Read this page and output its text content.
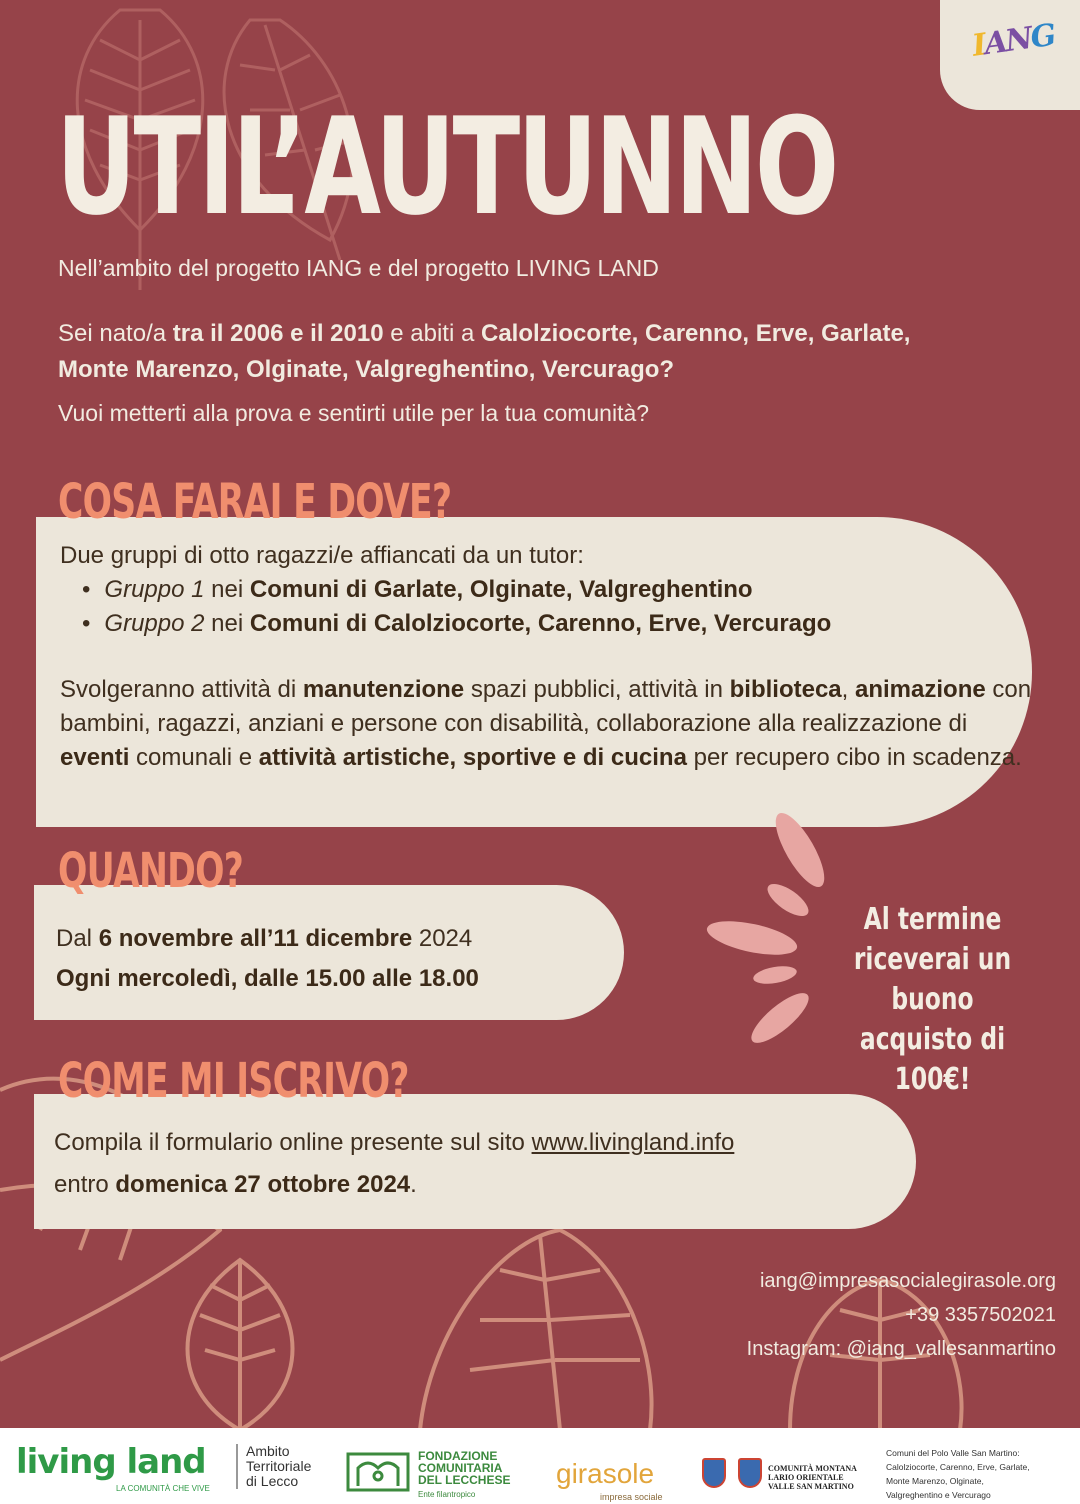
IANG
UTIL’AUTUNNO
Nell’ambito del progetto IANG e del progetto LIVING LAND
Sei nato/a tra il 2006 e il 2010 e abiti a Calolziocorte, Carenno, Erve, Garlate,
Monte Marenzo, Olginate, Valgreghentino, Vercurago?
Vuoi metterti alla prova e sentirti utile per la tua comunità?
COSA FARAI E DOVE?

Due gruppi di otto ragazzi/e affiancati da un tutor:

• Gruppo 1 nei Comuni di Garlate, Olginate, Valgreghentino
• Gruppo 2 nei Comuni di Calolziocorte, Carenno, Erve, Vercurago

Svolgeranno attività di manutenzione spazi pubblici, attività in biblioteca, animazione con bambini, ragazzi, anziani e persone con disabilità, collaborazione alla realizzazione di eventi comunali e attività artistiche, sportive e di cucina per recupero cibo in scadenza.

QUANDO?

Dal 6 novembre all’11 dicembre 2024

Ogni mercoledì, dalle 15.00 alle 18.00

Al termine
riceverai un buono
acquisto di 100€!
COME MI ISCRIVO?

Compila il formulario online presente sul sito www.livingland.info

entro domenica 27 ottobre 2024.

iang@impresasocialegirasole.org
+39 3357502021
Instagram: @iang_vallesanmartino
living land
LA COMUNITÀ CHE VIVE
Ambito
Territoriale
di Lecco
FONDAZIONE
COMUNITARIA
DEL LECCHESE
Ente filantropico
girasole
impresa sociale
COMUNITÀ MONTANA
LARIO ORIENTALE
VALLE SAN MARTINO
Comuni del Polo Valle San Martino:
Calolziocorte, Carenno, Erve, Garlate,
Monte Marenzo, Olginate,
Valgreghentino e Vercurago
